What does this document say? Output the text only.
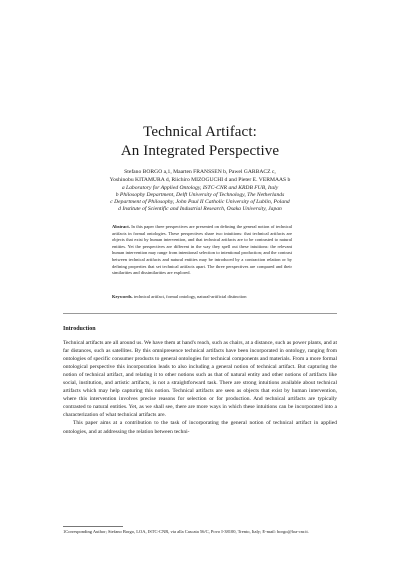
Technical Artifact:
An Integrated Perspective
Stefano BORGO a,1, Maarten FRANSSEN b, Pawel GARBACZ c,
Yoshinobu KITAMURA d, Riichiro MIZOGUCHI d and Pieter E. VERMAAS b
a Laboratory for Applied Ontology, ISTC-CNR and KRDB FUB, Italy
b Philosophy Department, Delft University of Technology, The Netherlands
c Department of Philosophy, John Paul II Catholic University of Lublin, Poland
d Institute of Scientific and Industrial Research, Osaka University, Japan
Abstract. In this paper three perspectives are presented on defining the general notion of technical artifacts in formal ontologies. These perspectives share two intuitions: that technical artifacts are objects that exist by human intervention, and that technical artifacts are to be contrasted to natural entities. Yet the perspectives are different in the way they spell out these intuitions: the relevant human intervention may range from intentional selection to intentional production; and the contrast between technical artifacts and natural entities may be introduced by a contraction relation or by defining properties that set technical artifacts apart. The three perspectives are compared and their similarities and dissimilarities are explored.
Keywords. technical artifact, formal ontology, natural-artificial distinction
Introduction

Technical artifacts are all around us. We have them at hand's reach, such as chairs, at a distance, such as power plants, and at far distances, such as satellites. By this omnipresence technical artifacts have been incorporated in ontology, ranging from ontologies of specific consumer products to general ontologies for technical components and materials. From a more formal ontological perspective this incorporation leads to also including a general notion of technical artifact. But capturing the notion of technical artifact, and relating it to other notions such as that of natural entity and other notions of artifacts like social, institution, and artistic artifacts, is not a straightforward task. There are strong intuitions available about technical artifacts which may help capturing this notion. Technical artifacts are seen as objects that exist by human intervention, where this intervention involves precise reasons for selection or for production. And technical artifacts are typically contrasted to natural entities. Yet, as we shall see, there are more ways in which these intuitions can be incorporated into a characterization of what technical artifacts are.

This paper aims at a contribution to the task of incorporating the general notion of technical artifact in applied ontologies, and at addressing the relation between techni-

1Corresponding Author; Stefano Borgo, LOA, ISTC-CNR, via alla Cascata 56/C, Povo I-38100, Trento, Italy; E-mail: borgo@loa-cnr.it.
